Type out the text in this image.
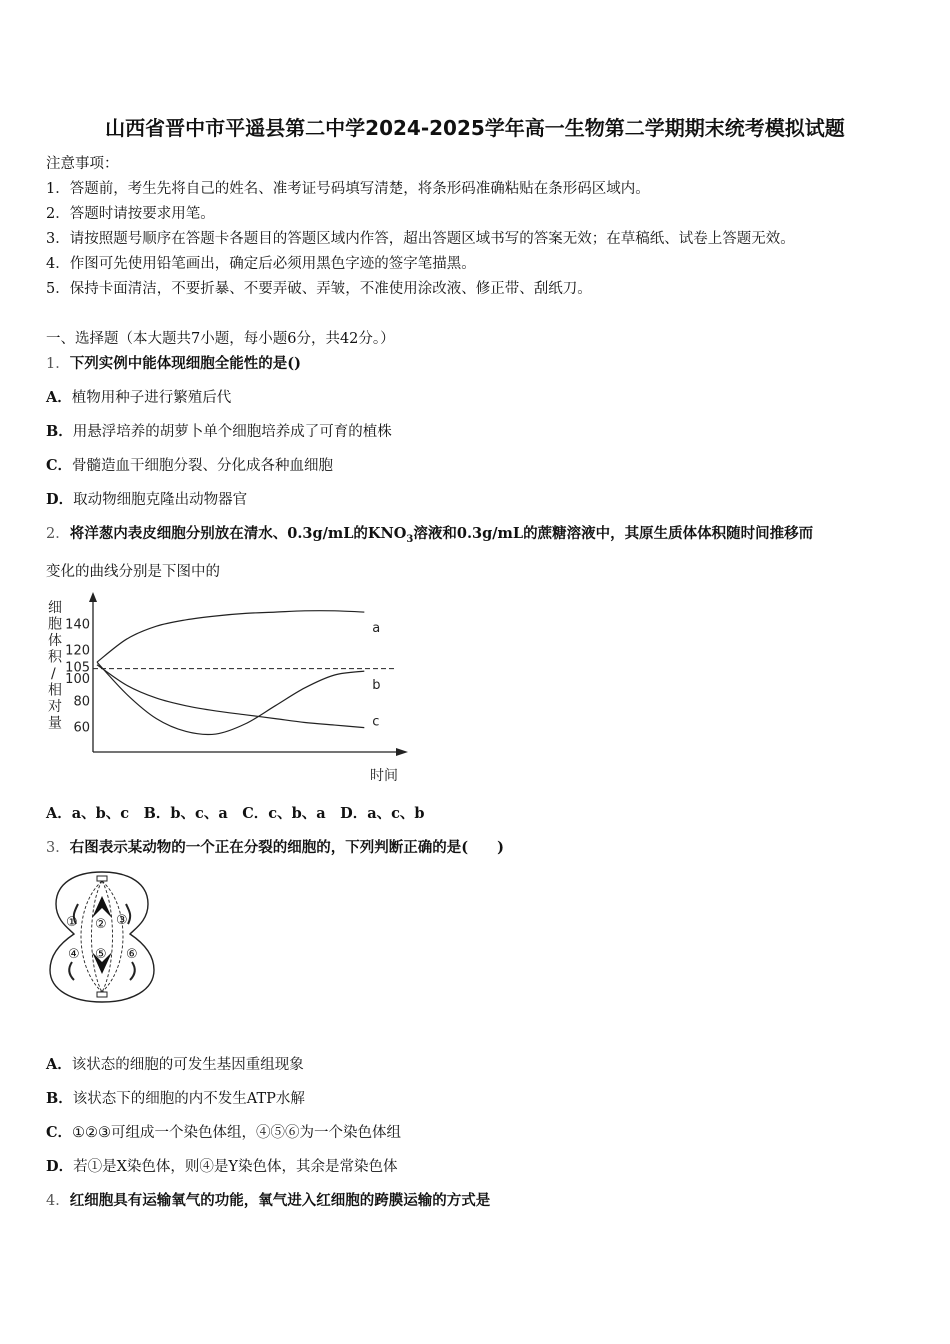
山西省晋中市平遥县第二中学2024-2025学年高一生物第二学期期末统考模拟试题
注意事项：
1．答题前，考生先将自己的姓名、准考证号码填写清楚，将条形码准确粘贴在条形码区域内。
2．答题时请按要求用笔。
3．请按照题号顺序在答题卡各题目的答题区域内作答，超出答题区域书写的答案无效；在草稿纸、试卷上答题无效。
4．作图可先使用铅笔画出，确定后必须用黑色字迹的签字笔描黑。
5．保持卡面清洁，不要折暴、不要弄破、弄皱，不准使用涂改液、修正带、刮纸刀。
一、选择题（本大题共7小题，每小题6分，共42分。）
1．下列实例中能体现细胞全能性的是()
A．植物用种子进行繁殖后代
B．用悬浮培养的胡萝卜单个细胞培养成了可育的植株
C．骨髓造血干细胞分裂、分化成各种血细胞
D．取动物细胞克隆出动物器官
2．将洋葱内表皮细胞分别放在清水、0.3g/mL的$KNO_3$溶液和0.3g/mL的蔗糖溶液中，其原生质体体积随时间推移而
变化的曲线分别是下图中的
细胞体积/相对量 60
80
100
105
120
140	a
b
c
时间
A．a、b、c　B．b、c、a　C．c、b、a　D．a、c、b
3．右图表示某动物的一个正在分裂的细胞的，下列判断正确的是(　　)
① ② ③
④ ⑤ ⑥
A．该状态的细胞的可发生基因重组现象
B．该状态下的细胞的内不发生ATP水解
C．①②③可组成一个染色体组，④⑤⑥为一个染色体组
D．若①是X染色体，则④是Y染色体，其余是常染色体
4．红细胞具有运输氧气的功能，氧气进入红细胞的跨膜运输的方式是
